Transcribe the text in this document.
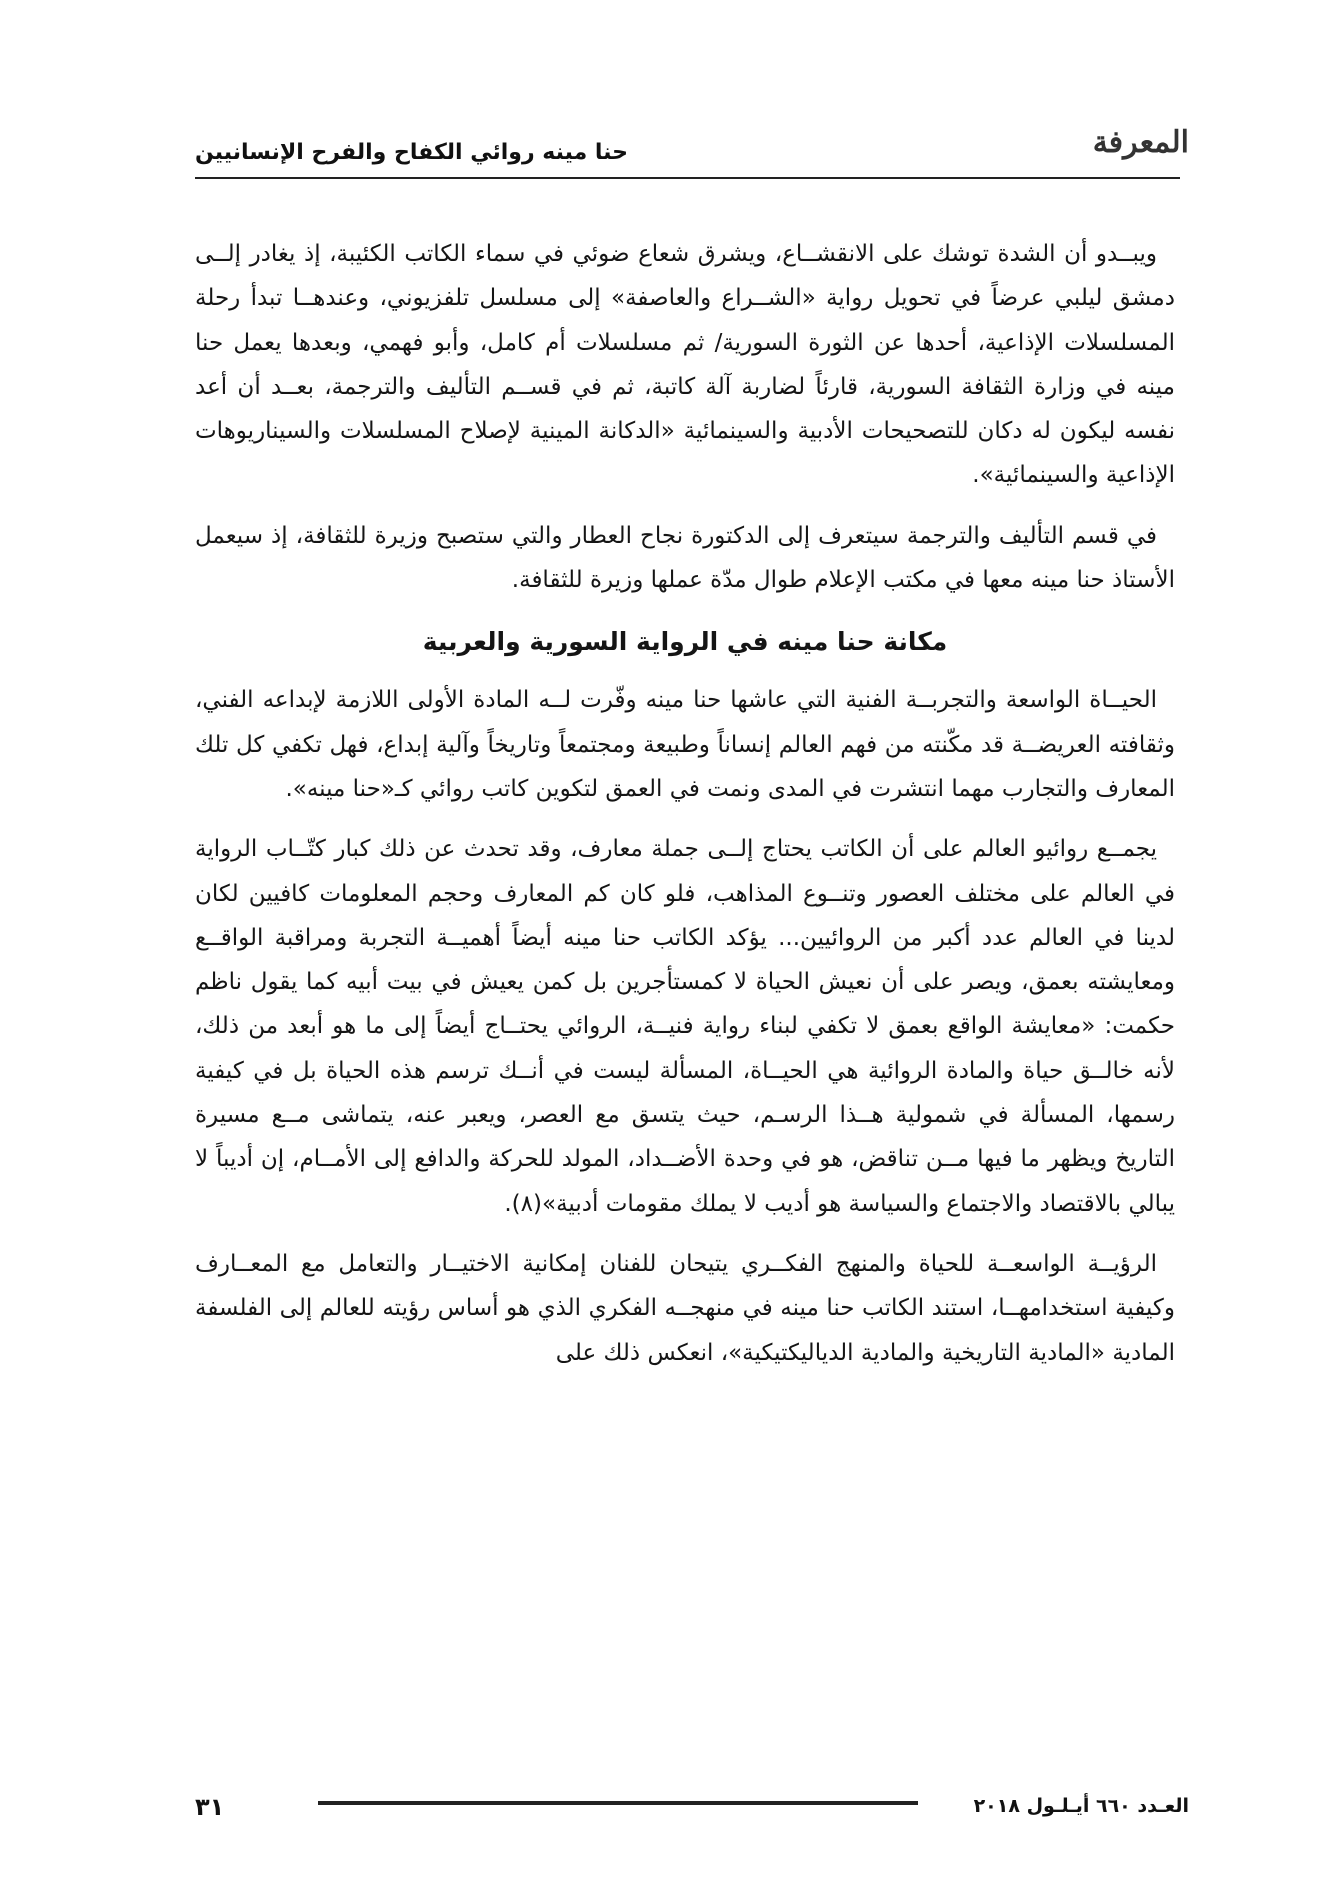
المعرفة
حنا مينه روائي الكفاح والفرح الإنسانيين

ويبــدو أن الشدة توشك على الانقشــاع، ويشرق شعاع ضوئي في سماء الكاتب الكئيبة، إذ يغادر إلــى دمشق ليلبي عرضاً في تحويل رواية «الشــراع والعاصفة» إلى مسلسل تلفزيوني، وعندهــا تبدأ رحلة المسلسلات الإذاعية، أحدها عن الثورة السورية/ ثم مسلسلات أم كامل، وأبو فهمي، وبعدها يعمل حنا مينه في وزارة الثقافة السورية، قارئاً لضاربة آلة كاتبة، ثم في قســم التأليف والترجمة، بعــد أن أعد نفسه ليكون له دكان للتصحيحات الأدبية والسينمائية «الدكانة المينية لإصلاح المسلسلات والسيناريوهات الإذاعية والسينمائية».

في قسم التأليف والترجمة سيتعرف إلى الدكتورة نجاح العطار والتي ستصبح وزيرة للثقافة، إذ سيعمل الأستاذ حنا مينه معها في مكتب الإعلام طوال مدّة عملها وزيرة للثقافة.

مكانة حنا مينه في الرواية السورية والعربية

الحيــاة الواسعة والتجربــة الفنية التي عاشها حنا مينه وفّرت لــه المادة الأولى اللازمة لإبداعه الفني، وثقافته العريضــة قد مكّنته من فهم العالم إنساناً وطبيعة ومجتمعاً وتاريخاً وآلية إبداع، فهل تكفي كل تلك المعارف والتجارب مهما انتشرت في المدى ونمت في العمق لتكوين كاتب روائي كـ«حنا مينه».

يجمــع روائيو العالم على أن الكاتب يحتاج إلــى جملة معارف، وقد تحدث عن ذلك كبار كتّــاب الرواية في العالم على مختلف العصور وتنــوع المذاهب، فلو كان كم المعارف وحجم المعلومات كافيين لكان لدينا في العالم عدد أكبر من الروائيين... يؤكد الكاتب حنا مينه أيضاً أهميــة التجربة ومراقبة الواقــع ومعايشته بعمق، ويصر على أن نعيش الحياة لا كمستأجرين بل كمن يعيش في بيت أبيه كما يقول ناظم حكمت: «معايشة الواقع بعمق لا تكفي لبناء رواية فنيــة، الروائي يحتــاج أيضاً إلى ما هو أبعد من ذلك، لأنه خالــق حياة والمادة الروائية هي الحيــاة، المسألة ليست في أنــك ترسم هذه الحياة بل في كيفية رسمها، المسألة في شمولية هــذا الرسـم، حيث يتسق مع العصر، ويعبر عنه، يتماشى مــع مسيرة التاريخ ويظهر ما فيها مــن تناقض، هو في وحدة الأضــداد، المولد للحركة والدافع إلى الأمــام، إن أديباً لا يبالي بالاقتصاد والاجتماع والسياسة هو أديب لا يملك مقومات أدبية»(٨).

الرؤيــة الواسعــة للحياة والمنهج الفكــري يتيحان للفنان إمكانية الاختيــار والتعامل مع المعــارف وكيفية استخدامهــا، استند الكاتب حنا مينه في منهجــه الفكري الذي هو أساس رؤيته للعالم إلى الفلسفة المادية «المادية التاريخية والمادية الدياليكتيكية»، انعكس ذلك على

العـدد ٦٦٠ أيـلـول ٢٠١٨
٣١
